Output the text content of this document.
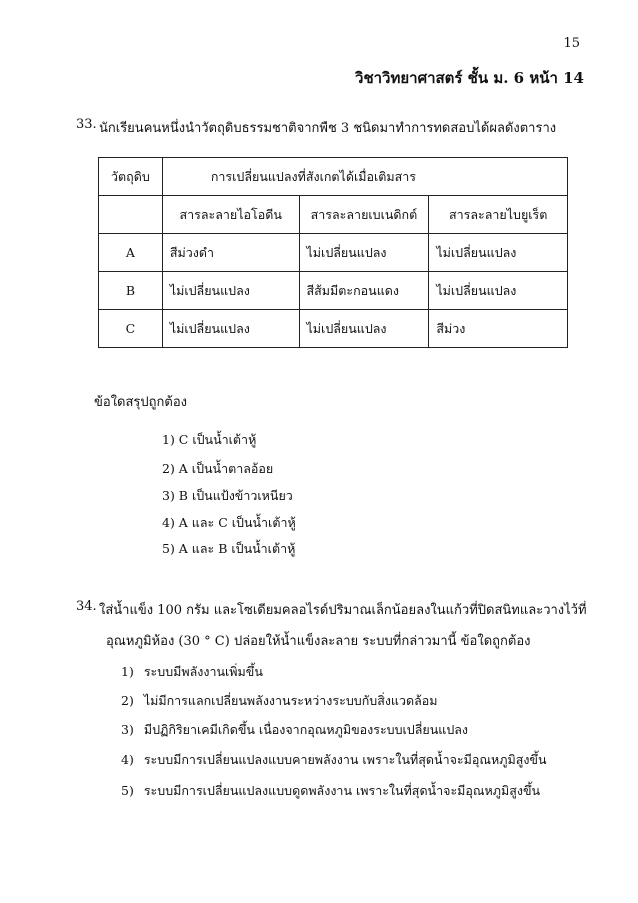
15
วิชาวิทยาศาสตร์ ชั้น ม. 6 หน้า 14
33. นักเรียนคนหนึ่งนำวัตถุดิบธรรมชาติจากพืช 3 ชนิดมาทำการทดสอบได้ผลดังตาราง
วัตถุดิบ	การเปลี่ยนแปลงที่สังเกตได้เมื่อเติมสาร		
	สารละลายไอโอดีน	สารละลายเบเนดิกต์	สารละลายไบยูเร็ต
A	สีม่วงดำ	ไม่เปลี่ยนแปลง	ไม่เปลี่ยนแปลง
B	ไม่เปลี่ยนแปลง	สีส้มมีตะกอนแดง	ไม่เปลี่ยนแปลง
C	ไม่เปลี่ยนแปลง	ไม่เปลี่ยนแปลง	สีม่วง
ข้อใดสรุปถูกต้อง
1) C เป็นน้ำเต้าหู้
2) A เป็นน้ำตาลอ้อย
3) B เป็นแป้งข้าวเหนียว
4) A และ C เป็นน้ำเต้าหู้
5) A และ B เป็นน้ำเต้าหู้
34. ใส่น้ำแข็ง 100 กรัม และโซเดียมคลอไรด์ปริมาณเล็กน้อยลงในแก้วที่ปิดสนิทและวางไว้ที่
อุณหภูมิห้อง (30 ° C) ปล่อยให้น้ำแข็งละลาย ระบบที่กล่าวมานี้ ข้อใดถูกต้อง
1) ระบบมีพลังงานเพิ่มขึ้น
2) ไม่มีการแลกเปลี่ยนพลังงานระหว่างระบบกับสิ่งแวดล้อม
3) มีปฏิกิริยาเคมีเกิดขึ้น เนื่องจากอุณหภูมิของระบบเปลี่ยนแปลง
4) ระบบมีการเปลี่ยนแปลงแบบคายพลังงาน เพราะในที่สุดน้ำจะมีอุณหภูมิสูงขึ้น
5) ระบบมีการเปลี่ยนแปลงแบบดูดพลังงาน เพราะในที่สุดน้ำจะมีอุณหภูมิสูงขึ้น
